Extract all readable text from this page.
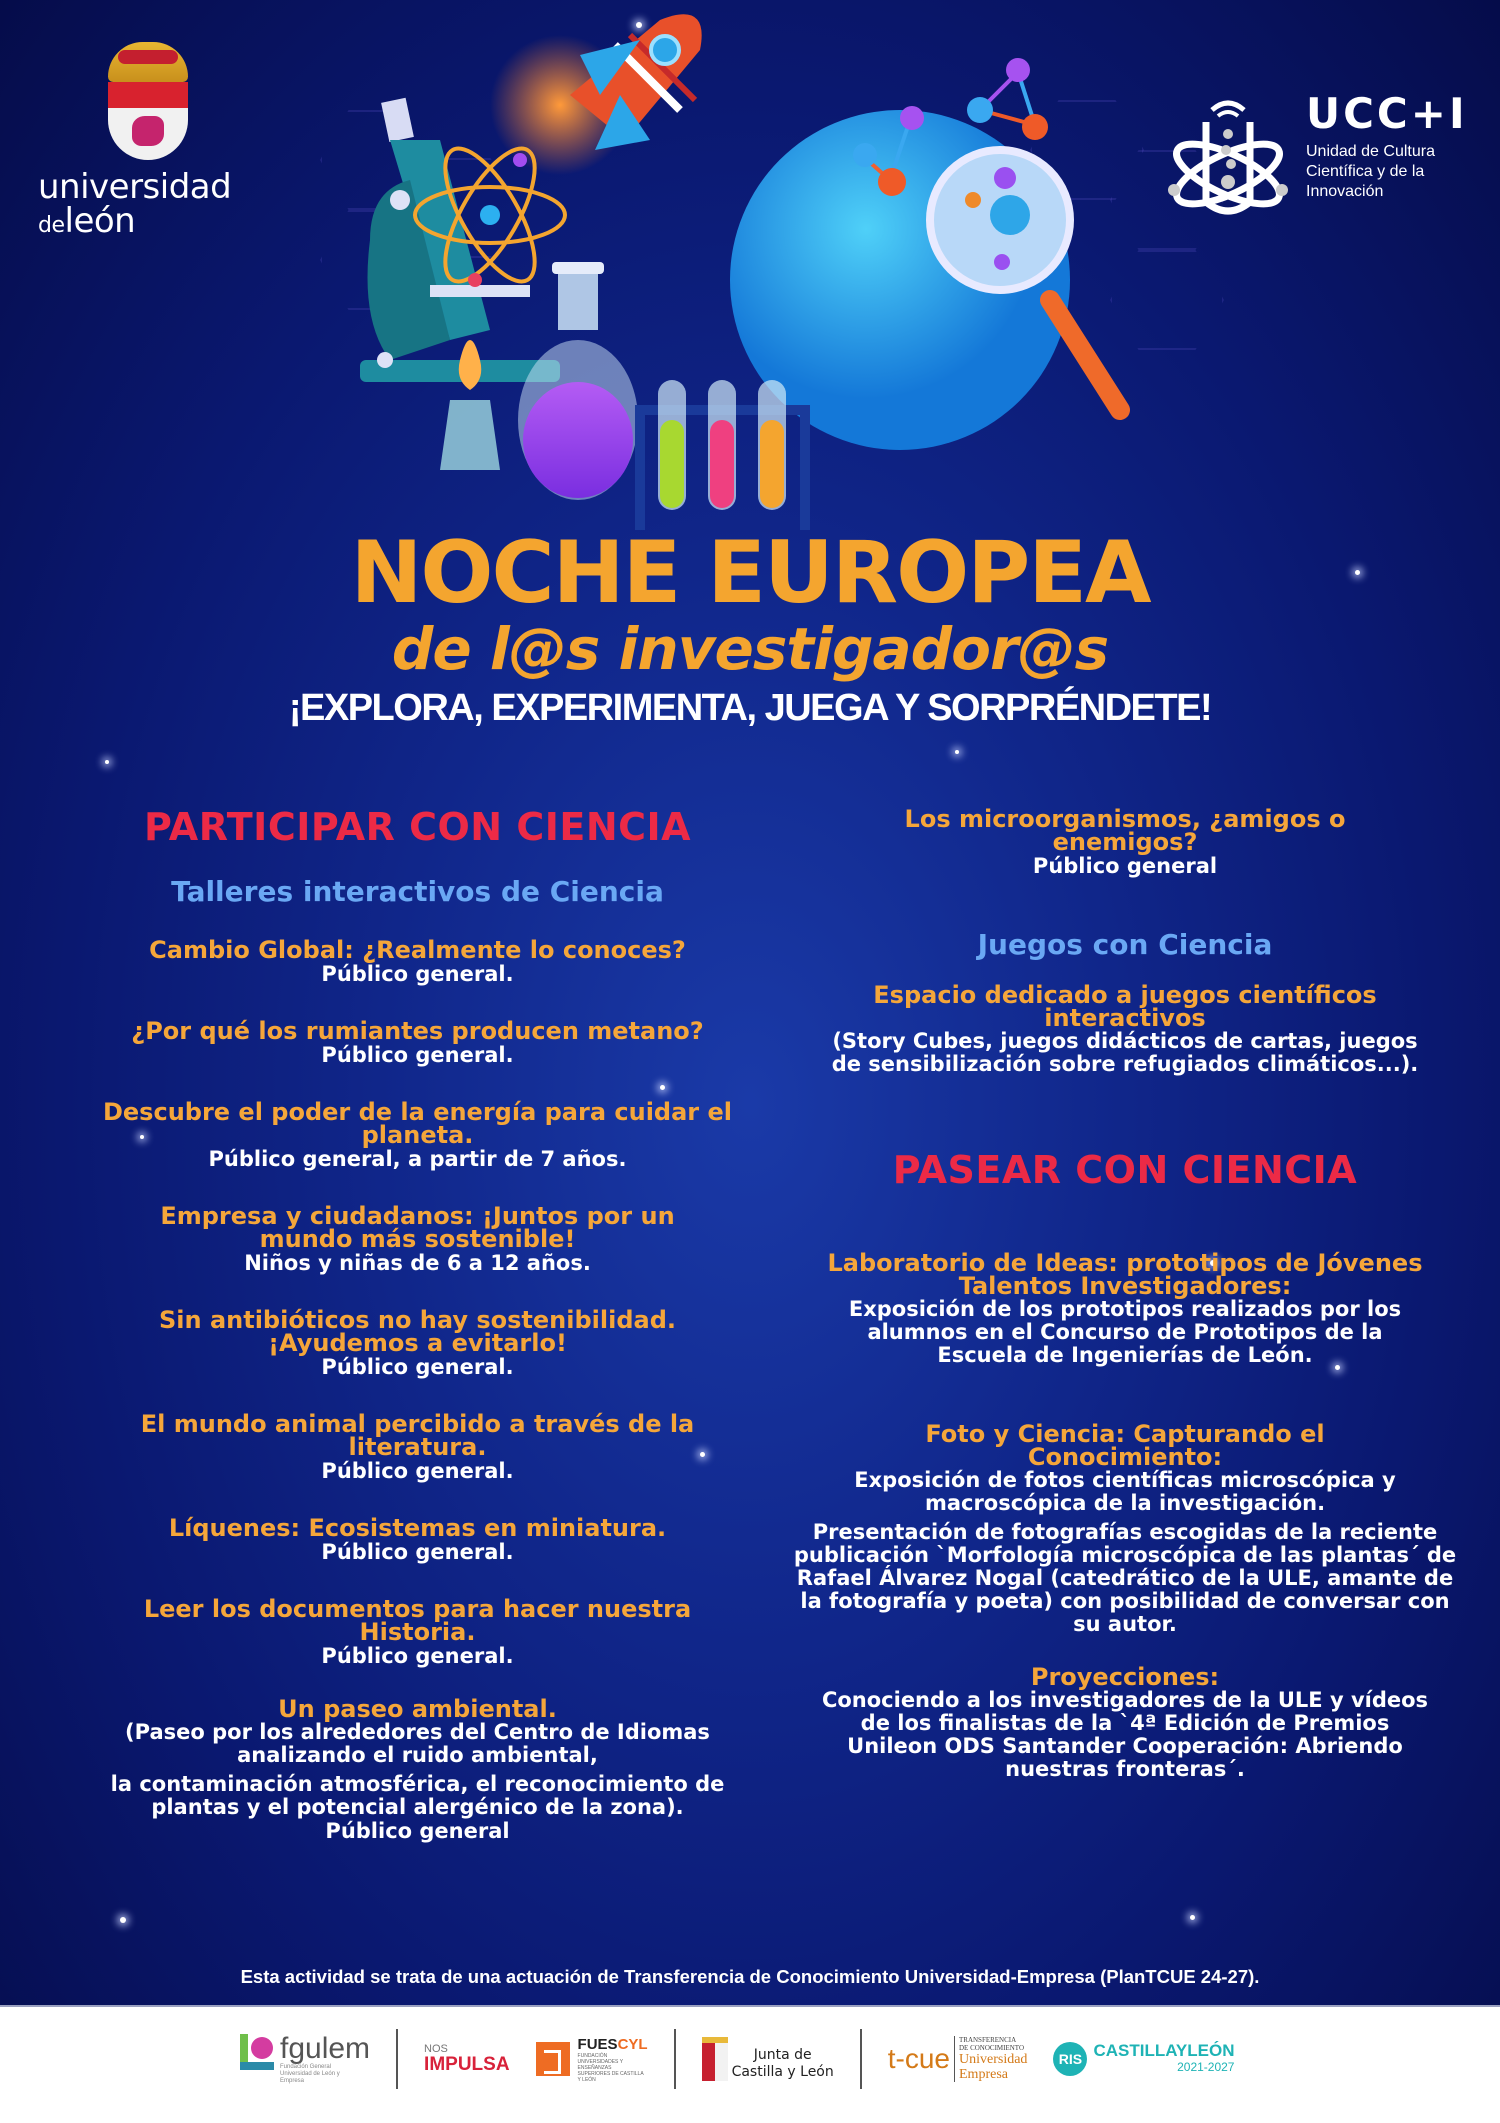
universidad
deleón
UCC+I
Unidad de Cultura
Científica y de la
Innovación
NOCHE EUROPEA
de l@s investigador@s
¡EXPLORA, EXPERIMENTA, JUEGA Y SORPRÉNDETE!
PARTICIPAR CON CIENCIA
Talleres interactivos de Ciencia
Cambio Global: ¿Realmente lo conoces?
Público general.
¿Por qué los rumiantes producen metano?
Público general.
Descubre el poder de la energía para cuidar el planeta.
Público general, a partir de 7 años.
Empresa y ciudadanos: ¡Juntos por un mundo más sostenible!
Niños y niñas de 6 a 12 años.
Sin antibióticos no hay sostenibilidad. ¡Ayudemos a evitarlo!
Público general.
El mundo animal percibido a través de la literatura.
Público general.
Líquenes: Ecosistemas en miniatura.
Público general.
Leer los documentos para hacer nuestra Historia.
Público general.
Un paseo ambiental.
(Paseo por los alrededores del Centro de Idiomas analizando el ruido ambiental,
la contaminación atmosférica, el reconocimiento de plantas y el potencial alergénico de la zona).
Público general
Los microorganismos, ¿amigos o enemigos?
Público general
Juegos con Ciencia
Espacio dedicado a juegos científicos interactivos
(Story Cubes, juegos didácticos de cartas, juegos de sensibilización sobre refugiados climáticos...).
PASEAR CON CIENCIA
Laboratorio de Ideas: prototipos de Jóvenes Talentos Investigadores:
Exposición de los prototipos realizados por los alumnos en el Concurso de Prototipos de la Escuela de Ingenierías de León.
Foto y Ciencia: Capturando el Conocimiento:
Exposición de fotos científicas microscópica y macroscópica de la investigación.
Presentación de fotografías escogidas de la reciente publicación `Morfología microscópica de las plantas´ de Rafael Álvarez Nogal (catedrático de la ULE, amante de la fotografía y poeta) con posibilidad de conversar con su autor.
Proyecciones:
Conociendo a los investigadores de la ULE y vídeos de los finalistas de la `4ª Edición de Premios Unileon ODS Santander Cooperación: Abriendo nuestras fronteras´.
Esta actividad se trata de una actuación de Transferencia de Conocimiento Universidad-Empresa (PlanTCUE 24-27).
fgulem
Fundación General Universidad de León y Empresa
NOS
IMPULSA
FUESCYL
FUNDACIÓN UNIVERSIDADES Y ENSEÑANZAS SUPERIORES DE CASTILLA Y LEÓN
Junta de
Castilla y León t-cue
TRANSFERENCIA
DE CONOCIMIENTO
Universidad
Empresa
RIS CASTILLAYLEÓN
2021-2027
